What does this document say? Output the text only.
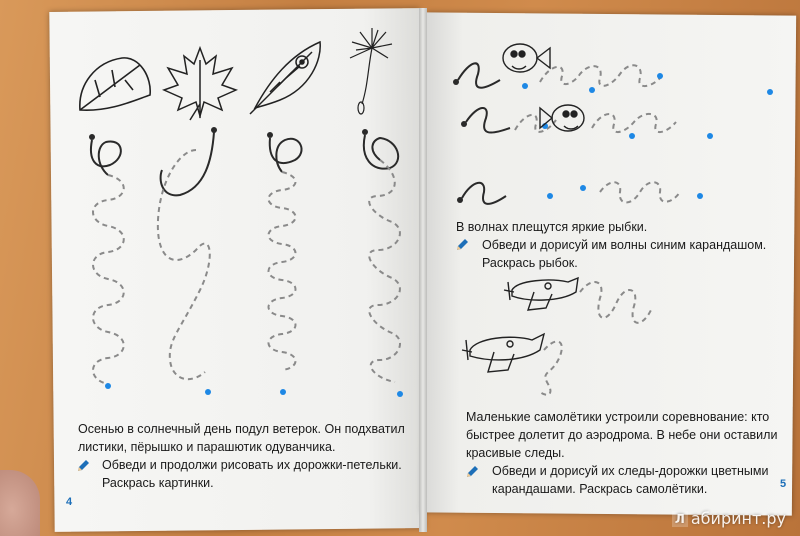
Осенью в солнечный день подул ветерок. Он подхватил
листики, пёрышко и парашютик одуванчика.
Обведи и продолжи рисовать их дорожки-петельки.
Раскрась картинки.
4
В волнах плещутся яркие рыбки.
Обведи и дорисуй им волны синим карандашом.
Раскрась рыбок.
Маленькие самолётики устроили соревнование: кто
быстрее долетит до аэродрома. В небе они оставили
красивые следы.
Обведи и дорисуй их следы-дорожки цветными
карандашами. Раскрась самолётики.	5
Л абиринт.ру
